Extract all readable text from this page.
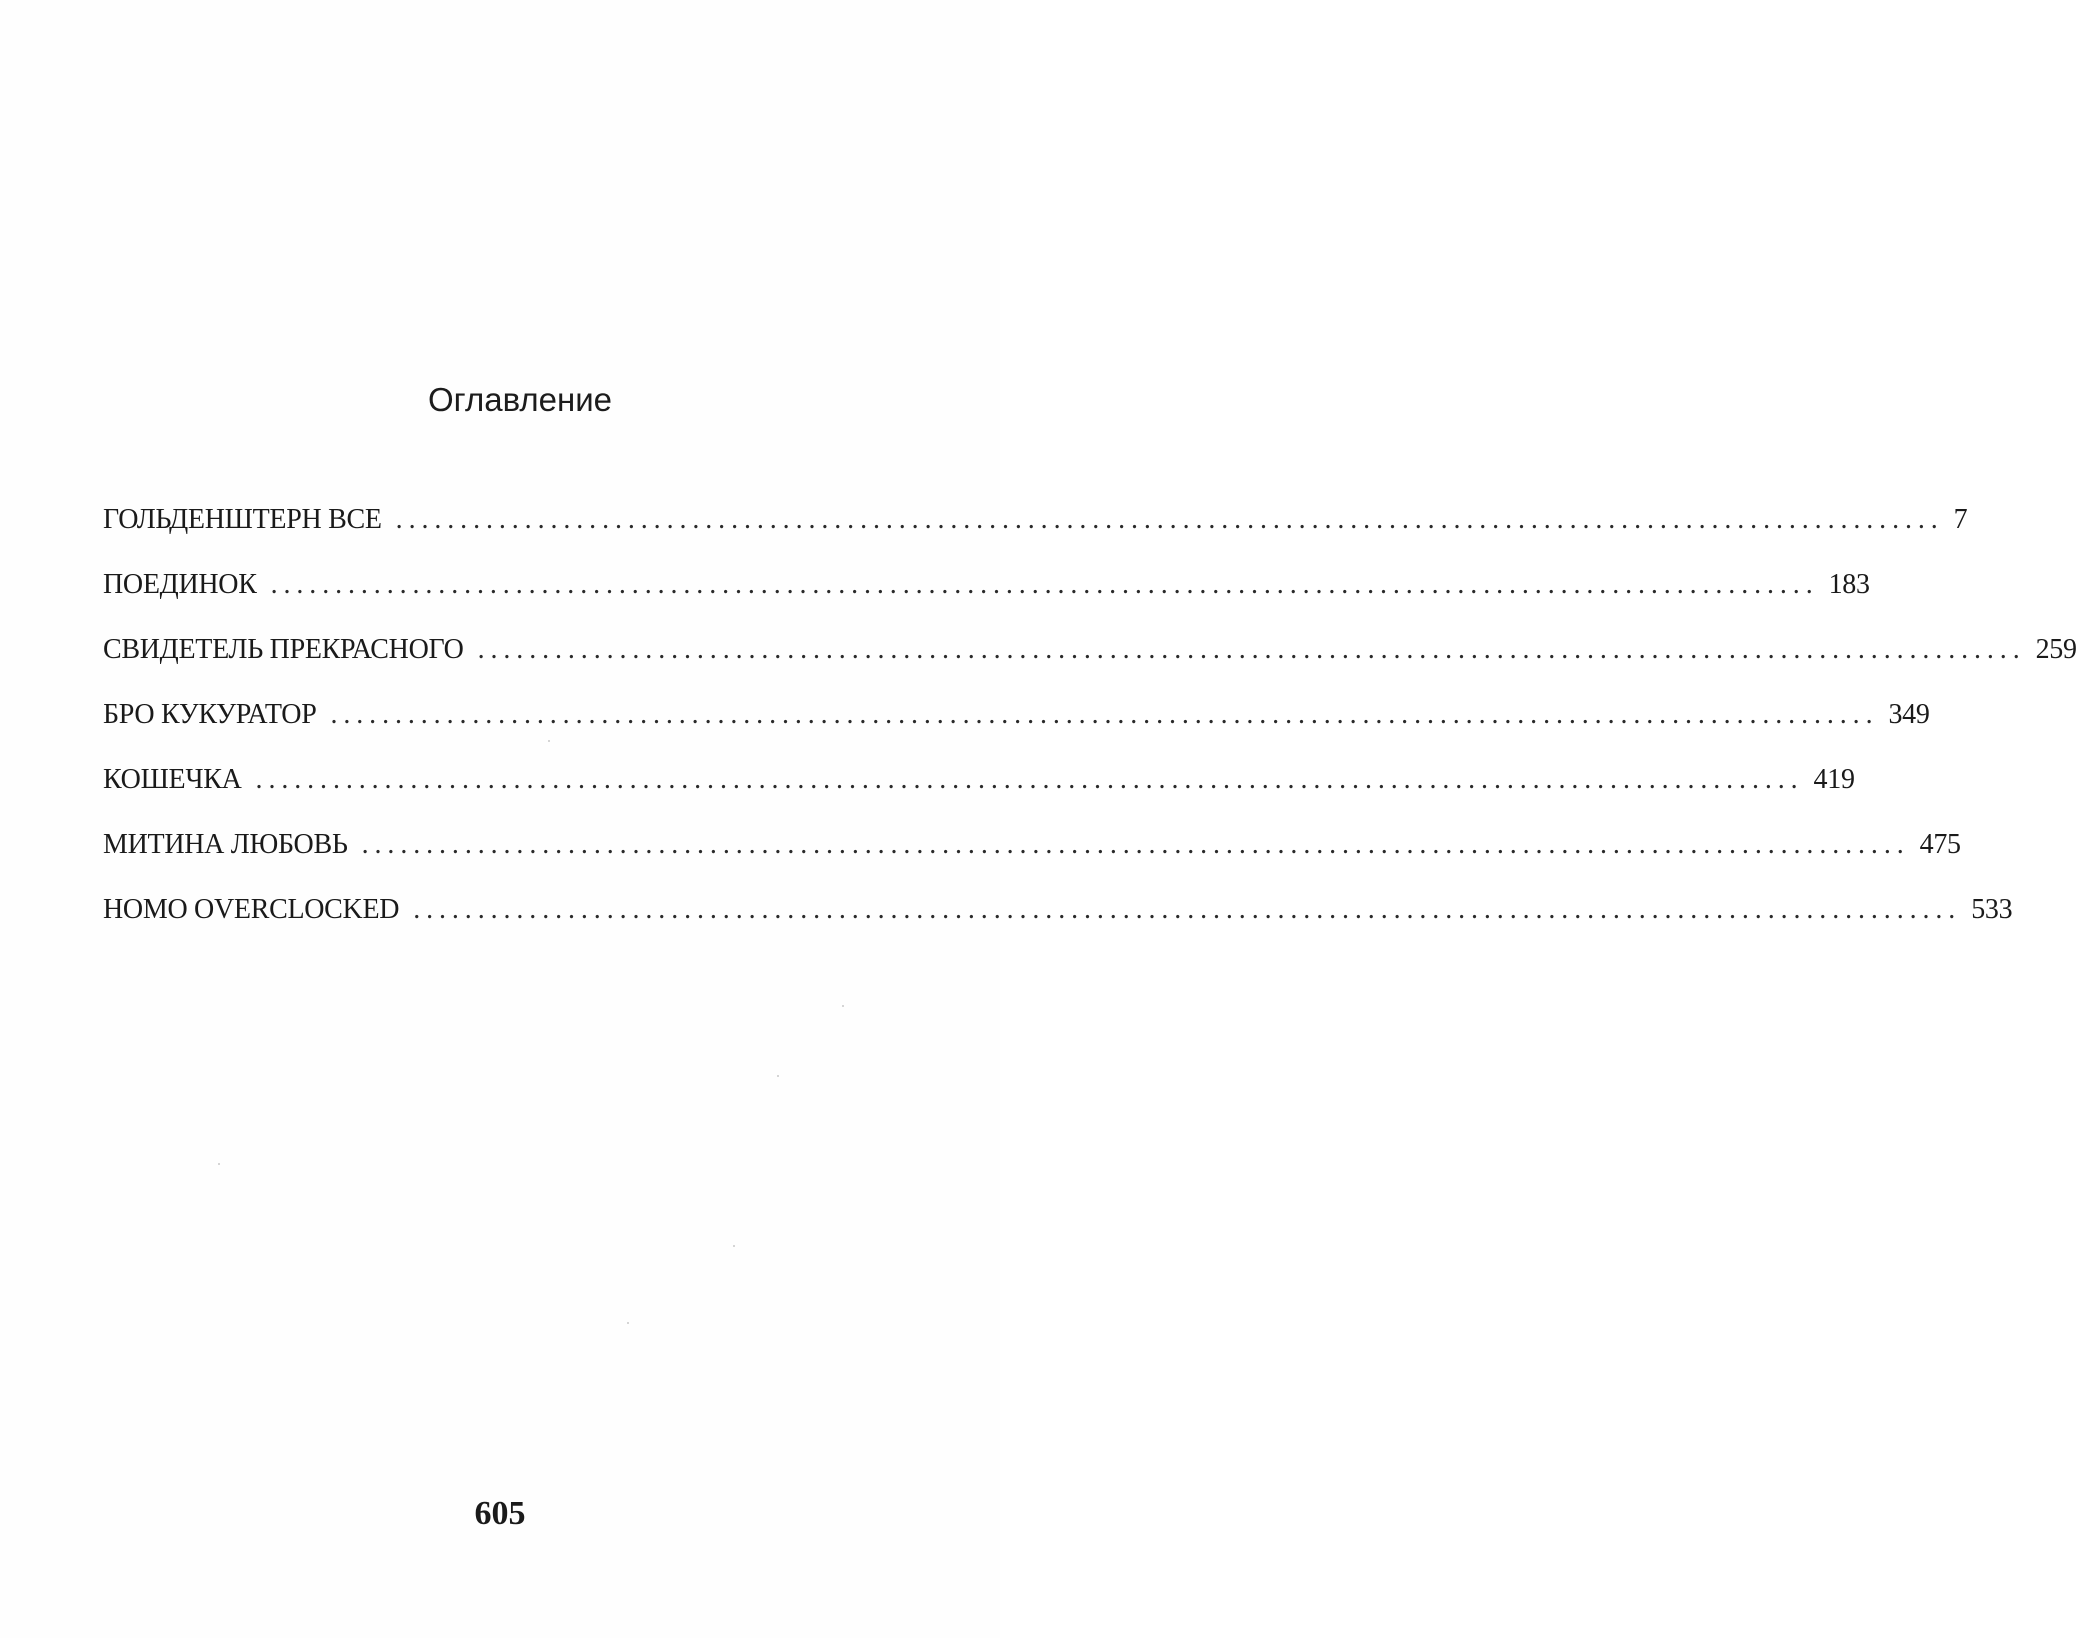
Оглавление
ГОЛЬДЕНШТЕРН ВСЕ ........................................................................................................................ 7
ПОЕДИНОК ........................................................................................................................ 183
СВИДЕТЕЛЬ ПРЕКРАСНОГО ........................................................................................................................ 259
БРО КУКУРАТОР ........................................................................................................................ 349
КОШЕЧКА ........................................................................................................................ 419
МИТИНА ЛЮБОВЬ ........................................................................................................................ 475
HOMO OVERCLOCKED ........................................................................................................................ 533
605
